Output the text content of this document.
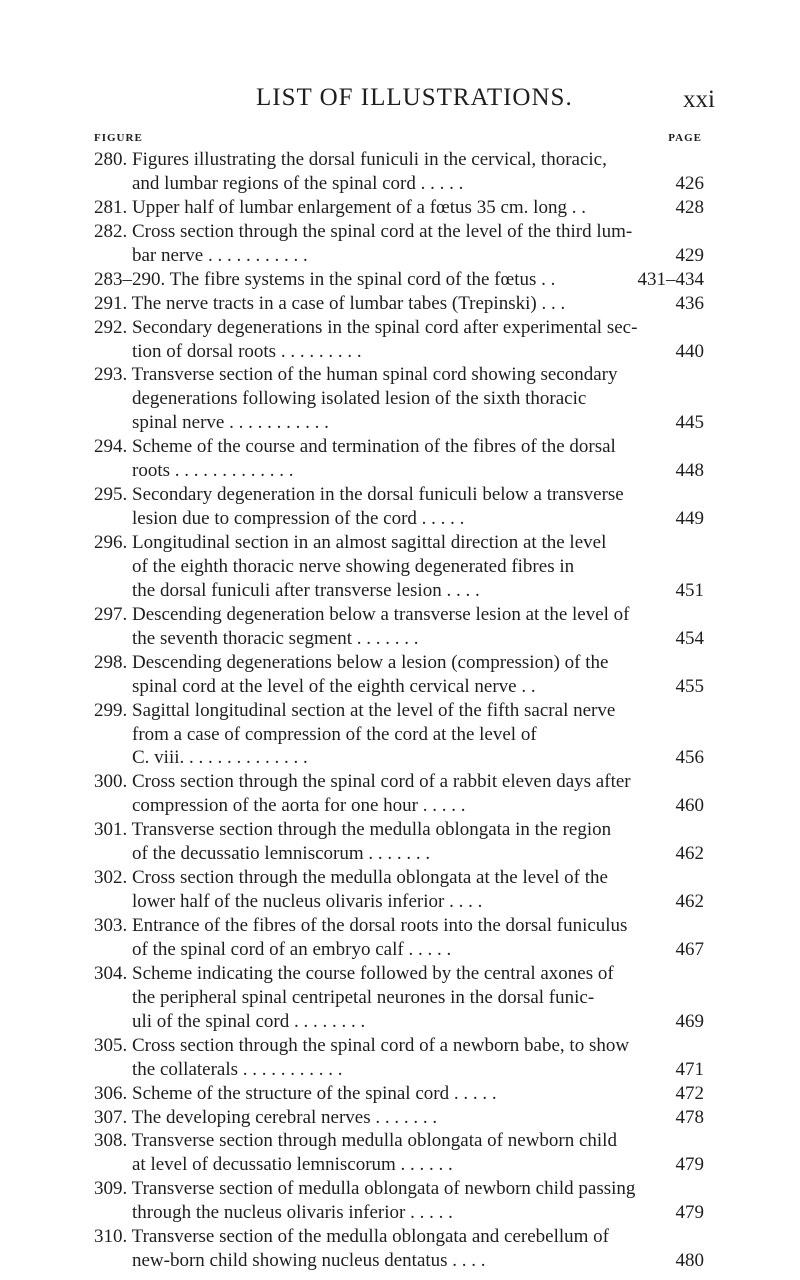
LIST OF ILLUSTRATIONS.	xxi
FIGURE	PAGE
280. Figures illustrating the dorsal funiculi in the cervical, thoracic,
and lumbar regions of the spinal cord . . . . .	426
281. Upper half of lumbar enlargement of a fœtus 35 cm. long . .	428
282. Cross section through the spinal cord at the level of the third lum-
bar nerve . . . . . . . . . . .	429
283–290. The fibre systems in the spinal cord of the fœtus . .	431–434
291. The nerve tracts in a case of lumbar tabes (Trepinski) . . .	436
292. Secondary degenerations in the spinal cord after experimental sec-
tion of dorsal roots . . . . . . . . .	440
293. Transverse section of the human spinal cord showing secondary
degenerations following isolated lesion of the sixth thoracic
spinal nerve . . . . . . . . . . .	445
294. Scheme of the course and termination of the fibres of the dorsal
roots . . . . . . . . . . . . .	448
295. Secondary degeneration in the dorsal funiculi below a transverse
lesion due to compression of the cord . . . . .	449
296. Longitudinal section in an almost sagittal direction at the level
of the eighth thoracic nerve showing degenerated fibres in
the dorsal funiculi after transverse lesion . . . .	451
297. Descending degeneration below a transverse lesion at the level of
the seventh thoracic segment . . . . . . .	454
298. Descending degenerations below a lesion (compression) of the
spinal cord at the level of the eighth cervical nerve . .	455
299. Sagittal longitudinal section at the level of the fifth sacral nerve
from a case of compression of the cord at the level of
C. viii. . . . . . . . . . . . . .	456
300. Cross section through the spinal cord of a rabbit eleven days after
compression of the aorta for one hour . . . . .	460
301. Transverse section through the medulla oblongata in the region
of the decussatio lemniscorum . . . . . . .	462
302. Cross section through the medulla oblongata at the level of the
lower half of the nucleus olivaris inferior . . . .	462
303. Entrance of the fibres of the dorsal roots into the dorsal funiculus
of the spinal cord of an embryo calf . . . . .	467
304. Scheme indicating the course followed by the central axones of
the peripheral spinal centripetal neurones in the dorsal funic-
uli of the spinal cord . . . . . . . .	469
305. Cross section through the spinal cord of a newborn babe, to show
the collaterals . . . . . . . . . . .	471
306. Scheme of the structure of the spinal cord . . . . .	472
307. The developing cerebral nerves . . . . . . .	478
308. Transverse section through medulla oblongata of newborn child
at level of decussatio lemniscorum . . . . . .	479
309. Transverse section of medulla oblongata of newborn child passing
through the nucleus olivaris inferior . . . . .	479
310. Transverse section of the medulla oblongata and cerebellum of
new-born child showing nucleus dentatus . . . .	480
